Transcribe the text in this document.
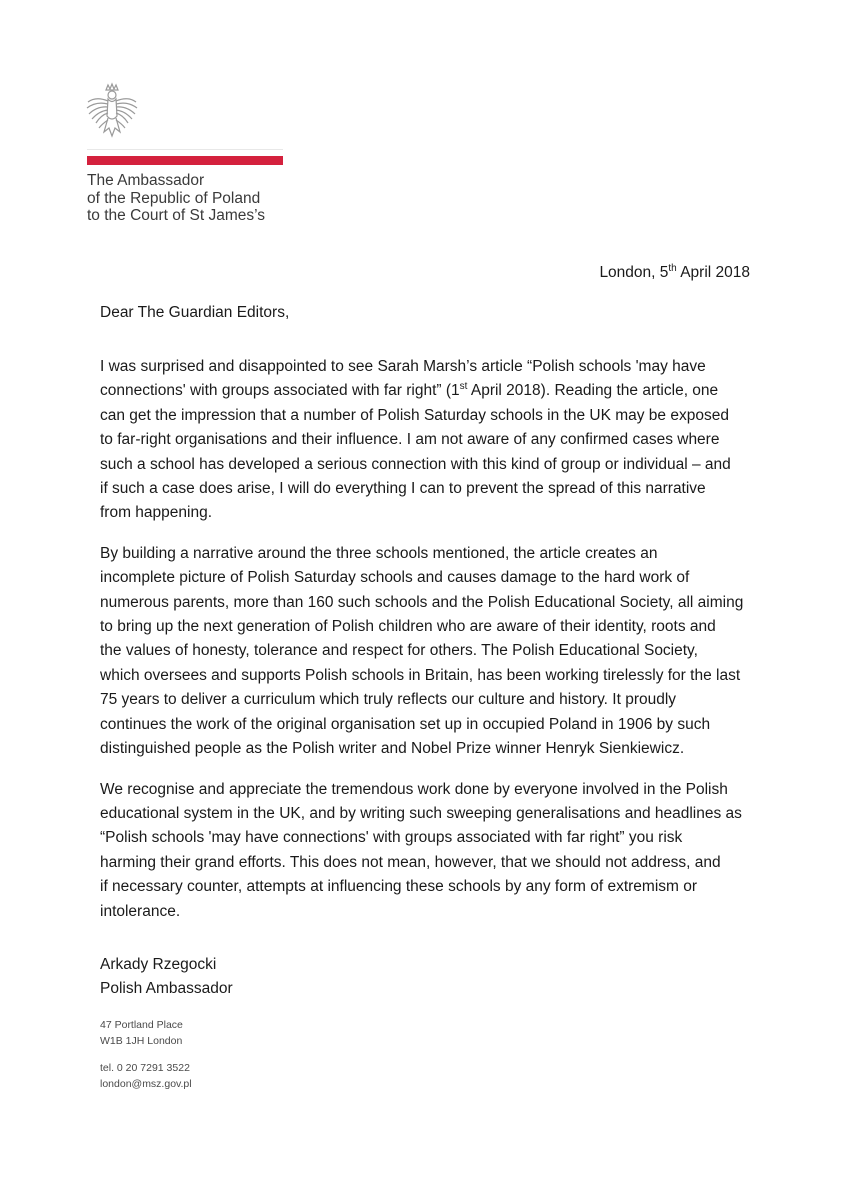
The Ambassador
of the Republic of Poland
to the Court of St James’s
London, 5th April 2018
Dear The Guardian Editors,

I was surprised and disappointed to see Sarah Marsh’s article “Polish schools 'may have
connections' with groups associated with far right” (1st April 2018). Reading the article, one
can get the impression that a number of Polish Saturday schools in the UK may be exposed
to far-right organisations and their influence. I am not aware of any confirmed cases where
such a school has developed a serious connection with this kind of group or individual – and
if such a case does arise, I will do everything I can to prevent the spread of this narrative
from happening.

By building a narrative around the three schools mentioned, the article creates an
incomplete picture of Polish Saturday schools and causes damage to the hard work of
numerous parents, more than 160 such schools and the Polish Educational Society, all aiming
to bring up the next generation of Polish children who are aware of their identity, roots and
the values of honesty, tolerance and respect for others. The Polish Educational Society,
which oversees and supports Polish schools in Britain, has been working tirelessly for the last
75 years to deliver a curriculum which truly reflects our culture and history. It proudly
continues the work of the original organisation set up in occupied Poland in 1906 by such
distinguished people as the Polish writer and Nobel Prize winner Henryk Sienkiewicz.

We recognise and appreciate the tremendous work done by everyone involved in the Polish
educational system in the UK, and by writing such sweeping generalisations and headlines as
“Polish schools 'may have connections' with groups associated with far right” you risk
harming their grand efforts. This does not mean, however, that we should not address, and
if necessary counter, attempts at influencing these schools by any form of extremism or
intolerance.

Arkady Rzegocki
Polish Ambassador
47 Portland Place
W1B 1JH London
tel. 0 20 7291 3522
london@msz.gov.pl
